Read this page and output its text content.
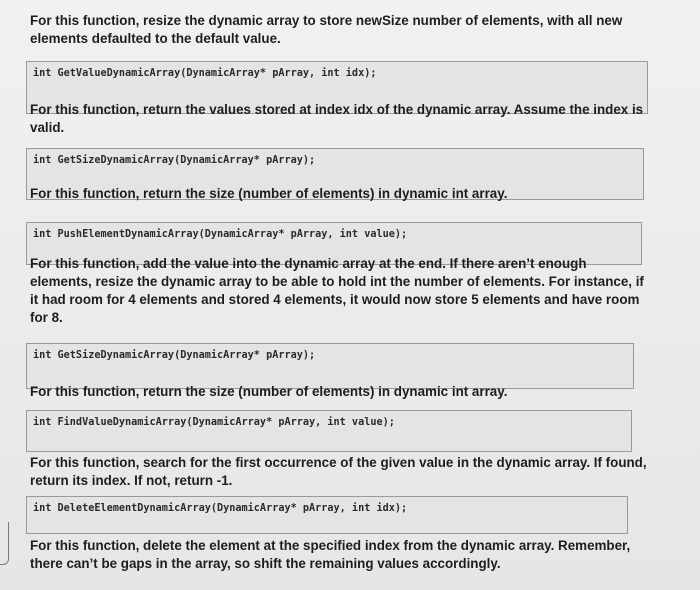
For this function, resize the dynamic array to store newSize number of elements, with all new elements defaulted to the default value.
int GetValueDynamicArray(DynamicArray* pArray, int idx);
For this function, return the values stored at index idx of the dynamic array. Assume the index is valid.
int GetSizeDynamicArray(DynamicArray* pArray);
For this function, return the size (number of elements) in dynamic int array.
int PushElementDynamicArray(DynamicArray* pArray, int value);
For this function, add the value into the dynamic array at the end. If there aren’t enough elements, resize the dynamic array to be able to hold int the number of elements. For instance, if it had room for 4 elements and stored 4 elements, it would now store 5 elements and have room for 8.
int GetSizeDynamicArray(DynamicArray* pArray);
For this function, return the size (number of elements) in dynamic int array.
int FindValueDynamicArray(DynamicArray* pArray, int value);
For this function, search for the first occurrence of the given value in the dynamic array. If found, return its index. If not, return -1.
int DeleteElementDynamicArray(DynamicArray* pArray, int idx);
For this function, delete the element at the specified index from the dynamic array. Remember, there can’t be gaps in the array, so shift the remaining values accordingly.
